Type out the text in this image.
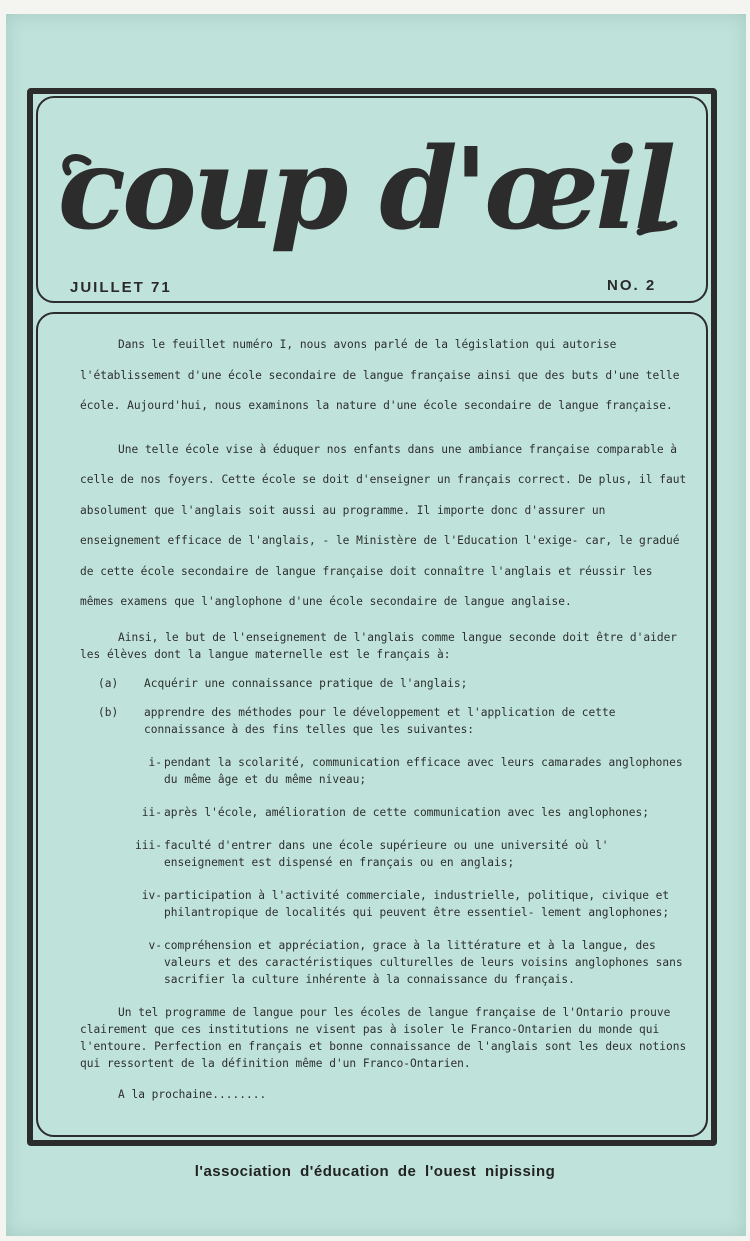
coup d'œil
JUILLET 71	NO. 2

Dans le feuillet numéro I, nous avons parlé de la législation qui autorise l'établissement d'une école secondaire de langue française ainsi que des buts d'une telle école. Aujourd'hui, nous examinons la nature d'une école secondaire de langue française.

Une telle école vise à éduquer nos enfants dans une ambiance française comparable à celle de nos foyers. Cette école se doit d'enseigner un français correct. De plus, il faut absolument que l'anglais soit aussi au programme. Il importe donc d'assurer un enseignement efficace de l'anglais, - le Ministère de l'Education l'exige- car, le gradué de cette école secondaire de langue française doit connaître l'anglais et réussir les mêmes examens que l'anglophone d'une école secondaire de langue anglaise.

Ainsi, le but de l'enseignement de l'anglais comme langue seconde doit être d'aider les élèves dont la langue maternelle est le français à:

(a) Acquérir une connaissance pratique de l'anglais;
(b) apprendre des méthodes pour le développement et l'application de cette connaissance à des fins telles que les suivantes:
i- pendant la scolarité, communication efficace avec leurs camarades anglophones du même âge et du même niveau;
ii- après l'école, amélioration de cette communication avec les anglophones;
iii- faculté d'entrer dans une école supérieure ou une université où l' enseignement est dispensé en français ou en anglais;
iv- participation à l'activité commerciale, industrielle, politique, civique et philantropique de localités qui peuvent être essentiel- lement anglophones;
v- compréhension et appréciation, grace à la littérature et à la langue, des valeurs et des caractéristiques culturelles de leurs voisins anglophones sans sacrifier la culture inhérente à la connaissance du français.

Un tel programme de langue pour les écoles de langue française de l'Ontario prouve clairement que ces institutions ne visent pas à isoler le Franco-Ontarien du monde qui l'entoure. Perfection en français et bonne connaissance de l'anglais sont les deux notions qui ressortent de la définition même d'un Franco-Ontarien.

A la prochaine........

l'association d'éducation de l'ouest nipissing
